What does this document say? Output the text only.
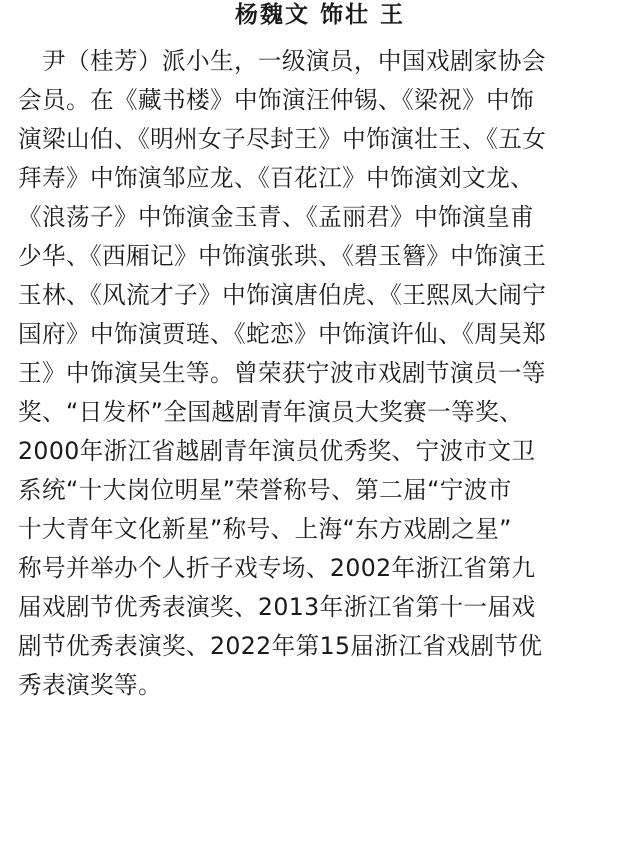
杨魏文 饰壮 王
　尹（桂芳）派小生，一级演员，中国戏剧家协会
会员。在《藏书楼》中饰演汪仲锡、《梁祝》中饰
演梁山伯、《明州女子尽封王》中饰演壮王、《五女
拜寿》中饰演邹应龙、《百花江》中饰演刘文龙、
《浪荡子》中饰演金玉青、《孟丽君》中饰演皇甫
少华、《西厢记》中饰演张珙、《碧玉簪》中饰演王
玉林、《风流才子》中饰演唐伯虎、《王熙凤大闹宁
国府》中饰演贾琏、《蛇恋》中饰演许仙、《周吴郑
王》中饰演吴生等。曾荣获宁波市戏剧节演员一等
奖、“日发杯”全国越剧青年演员大奖赛一等奖、
2000年浙江省越剧青年演员优秀奖、宁波市文卫
系统“十大岗位明星”荣誉称号、第二届“宁波市
十大青年文化新星”称号、上海“东方戏剧之星”
称号并举办个人折子戏专场、2002年浙江省第九
届戏剧节优秀表演奖、2013年浙江省第十一届戏
剧节优秀表演奖、2022年第15届浙江省戏剧节优
秀表演奖等。
